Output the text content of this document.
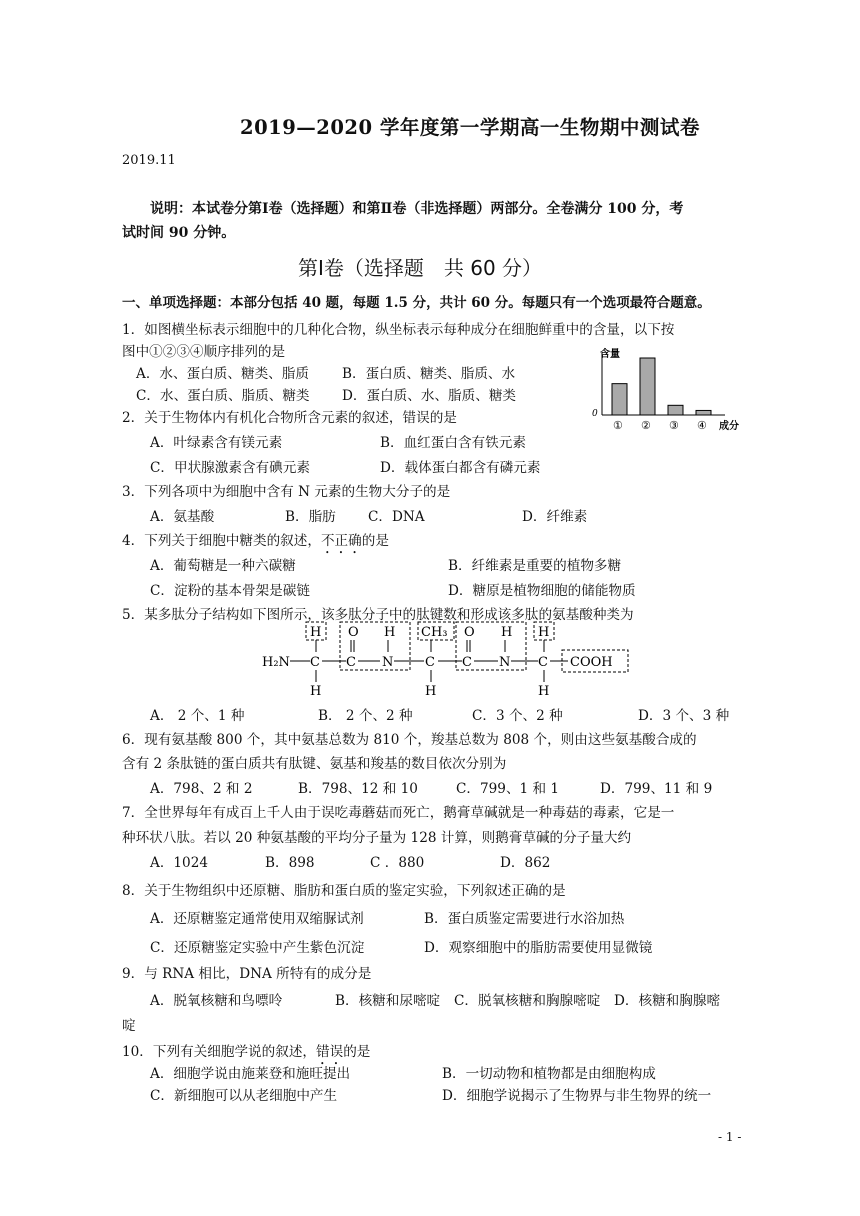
2019—2020 学年度第一学期高一生物期中测试卷
2019.11
说明：本试卷分第Ⅰ卷（选择题）和第Ⅱ卷（非选择题）两部分。全卷满分 100 分，考
试时间 90 分钟。
第Ⅰ卷（选择题　共 60 分）
一、单项选择题：本部分包括 40 题，每题 1.5 分，共计 60 分。每题只有一个选项最符合题意。
1．如图横坐标表示细胞中的几种化合物，纵坐标表示每种成分在细胞鲜重中的含量，以下按
图中①②③④顺序排列的是
A．水、蛋白质、糖类、脂质 B．蛋白质、糖类、脂质、水
C．水、蛋白质、脂质、糖类 D．蛋白质、水、脂质、糖类
含量
0
① ② ③ ④ 成分
2．关于生物体内有机化合物所含元素的叙述，错误的是
A．叶绿素含有镁元素	B．血红蛋白含有铁元素
C．甲状腺激素含有碘元素	D．载体蛋白都含有磷元素
3．下列各项中为细胞中含有 N 元素的生物大分子的是
A．氨基酸	B．脂肪 C．DNA	D．纤维素
4．下列关于细胞中糖类的叙述，不正确的是
A．葡萄糖是一种六碳糖	B．纤维素是重要的植物多糖
C．淀粉的基本骨架是碳链	D．糖原是植物细胞的储能物质
5．某多肽分子结构如下图所示，该多肽分子中的肽键数和形成该多肽的氨基酸种类为
H O H CH₃ O H H
H₂N C C N C C N C COOH
H	H	H
A． 2 个、1 种	B． 2 个、2 种	C．3 个、2 种	D．3 个、3 种
6．现有氨基酸 800 个，其中氨基总数为 810 个，羧基总数为 808 个，则由这些氨基酸合成的
含有 2 条肽链的蛋白质共有肽键、氨基和羧基的数目依次分别为
A．798、2 和 2	B．798、12 和 10	C．799、1 和 1	D．799、11 和 9
7．全世界每年有成百上千人由于误吃毒蘑菇而死亡，鹅膏草碱就是一种毒菇的毒素，它是一
种环状八肽。若以 20 种氨基酸的平均分子量为 128 计算，则鹅膏草碱的分子量大约
A．1024	B．898	C ．880	D．862
8．关于生物组织中还原糖、脂肪和蛋白质的鉴定实验，下列叙述正确的是
A．还原糖鉴定通常使用双缩脲试剂	B．蛋白质鉴定需要进行水浴加热
C．还原糖鉴定实验中产生紫色沉淀	D．观察细胞中的脂肪需要使用显微镜
9．与 RNA 相比，DNA 所特有的成分是
A．脱氧核糖和鸟嘌呤	B．核糖和尿嘧啶 C．脱氧核糖和胸腺嘧啶 D．核糖和胸腺嘧
啶
10．下列有关细胞学说的叙述，错误的是
A．细胞学说由施莱登和施旺提出	B．一切动物和植物都是由细胞构成
C．新细胞可以从老细胞中产生	D．细胞学说揭示了生物界与非生物界的统一
- 1 -
